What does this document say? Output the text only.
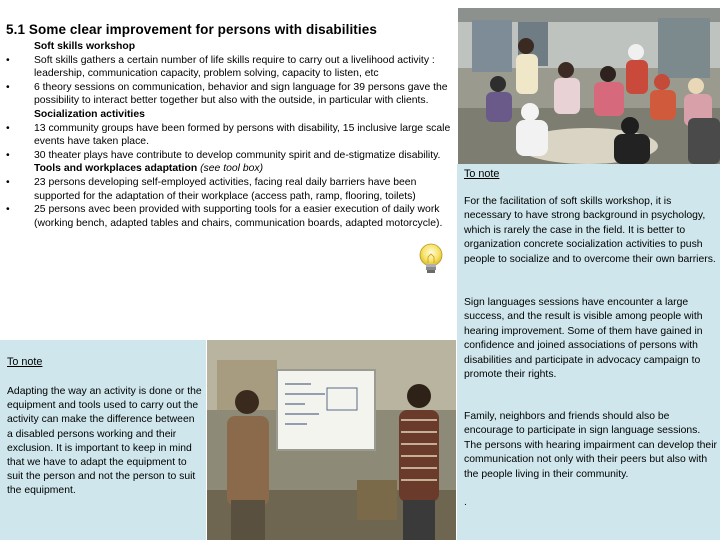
5.1 Some clear improvement for persons with disabilities
Soft skills workshop
• Soft skills gathers a certain number of life skills require to carry out a livelihood activity : leadership, communication capacity, problem solving, capacity to listen, etc
• 6 theory sessions on communication, behavior and sign language for 39 persons gave the possibility to interact better together but also with the outside, in particular with clients.
Socialization activities
• 13 community groups have been formed by persons with disability, 15 inclusive large scale events have taken place.
• 30 theater plays have contribute to develop community spirit and de-stigmatize disability.
Tools and workplaces adaptation (see tool box)
• 23 persons developing self-employed activities, facing real daily barriers have been supported for the adaptation of their workplace (access path, ramp, flooring, toilets)
• 25 persons avec been provided with supporting tools for a easier execution of daily work (working bench, adapted tables and chairs, communication boards, adapted motorcycle).
To note
Adapting the way an activity is done or the equipment and tools used to carry out the activity can make the difference between a disabled persons working and their exclusion. It is important to keep in mind that we have to adapt the equipment to suit the person and not the person to suit the equipment.
To note

For the facilitation of soft skills workshop, it is necessary to have strong background in psychology, which is rarely the case in the field. It is better to organization concrete socialization activities to push people to socialize and to overcome their own barriers.

Sign languages sessions have encounter a large success, and the result is visible among people with hearing improvement. Some of them have gained in confidence and joined associations of persons with disabilities and participate in advocacy campaign to promote their rights.

Family, neighbors and friends should also be encourage to participate in sign language sessions. The persons with hearing impairment can develop their communication not only with their peers but also with the people living in their community.

.
